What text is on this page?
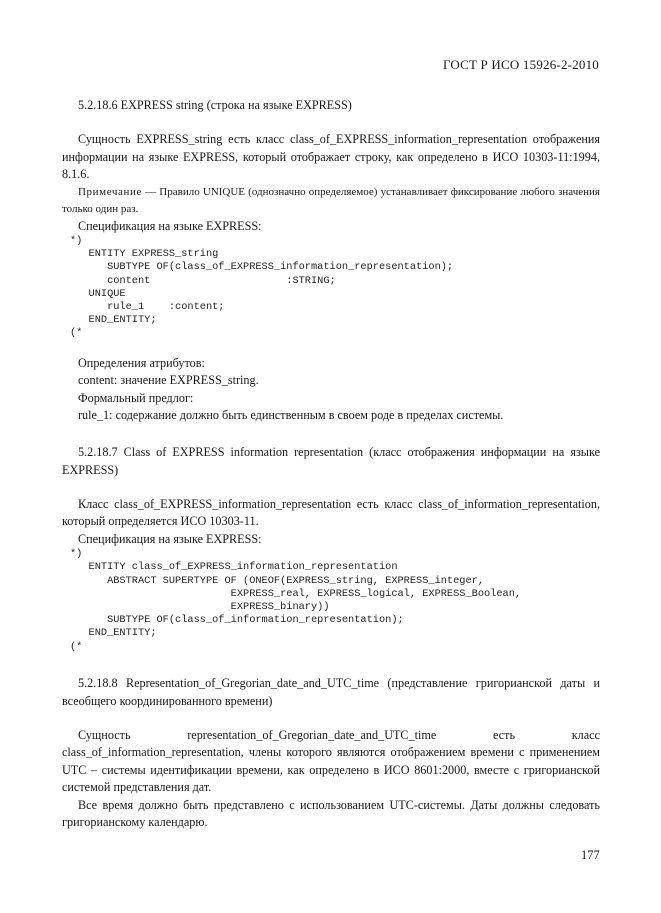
ГОСТ Р ИСО 15926-2-2010

5.2.18.6 EXPRESS string (строка на языке EXPRESS)

Сущность EXPRESS_string есть класс class_of_EXPRESS_information_representation отображения информации на языке EXPRESS, который отображает строку, как определено в ИСО 10303-11:1994, 8.1.6.

Примечание — Правило UNIQUE (однозначно определяемое) устанавливает фиксирование любого значения только один раз.

Спецификация на языке EXPRESS:

*)
ENTITY EXPRESS_string
SUBTYPE OF(class_of_EXPRESS_information_representation);
content                      :STRING;
UNIQUE
rule_1    :content;
END_ENTITY;
(*

Определения атрибутов:

content: значение EXPRESS_string.

Формальный предлог:

rule_1: содержание должно быть единственным в своем роде в пределах системы.

5.2.18.7 Class of EXPRESS information representation (класс отображения информации на языке EXPRESS)

Класс class_of_EXPRESS_information_representation есть класс class_of_information_representation, который определяется ИСО 10303-11.

Спецификация на языке EXPRESS:

*)
ENTITY class_of_EXPRESS_information_representation
ABSTRACT SUPERTYPE OF (ONEOF(EXPRESS_string, EXPRESS_integer,
EXPRESS_real, EXPRESS_logical, EXPRESS_Boolean,
EXPRESS_binary))
SUBTYPE OF(class_of_information_representation);
END_ENTITY;
(*

5.2.18.8 Representation_of_Gregorian_date_and_UTC_time (представление григорианской даты и всеобщего координированного времени)

Сущность representation_of_Gregorian_date_and_UTC_time есть класс class_of_information_representation, члены которого являются отображением времени с применением UTC – системы идентификации времени, как определено в ИСО 8601:2000, вместе с григорианской системой представления дат.

Все время должно быть представлено с использованием UTC-системы. Даты должны следовать григорианскому календарю.

177
